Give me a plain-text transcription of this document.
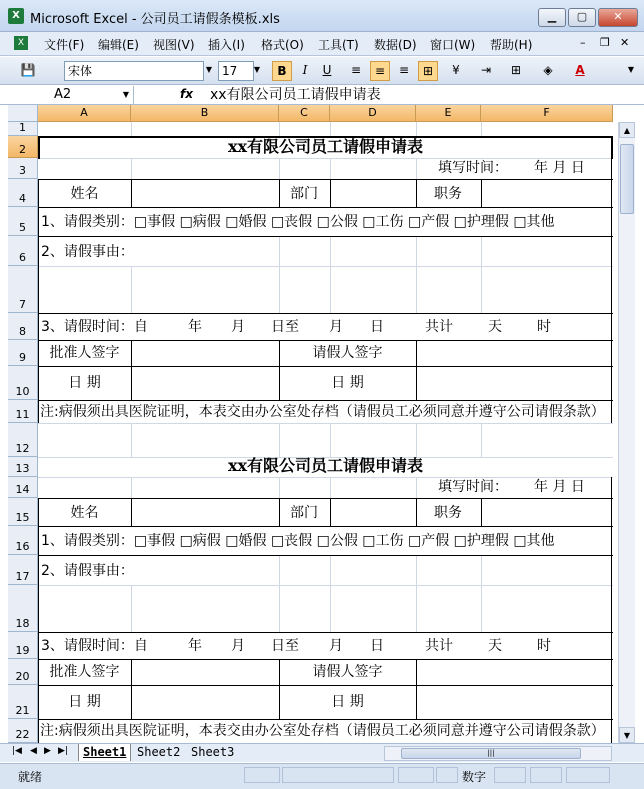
X Microsoft Excel - 公司员工请假条模板.xls	▁	▢	✕
X	文件(F) 编辑(E) 视图(V) 插入(I) 格式(O) 工具(T) 数据(D) 窗口(W) 帮助(H)	– ❐ ✕
💾	宋体	▼ 17	▼	B	I	U	≡	≡	≡	⊞	¥	⇥	⊞	◈	A	▼
A2	▼	fx xx有限公司员工请假申请表
A	B	C	D	E	F
1
2
3
4
5
6
7
8
9
10
11
12
13
14
15
16
17
18
19
20
21
22
xx有限公司员工请假申请表
填写时间： 年 月 日
姓名	部门	职务
1、请假类别：□事假 □病假 □婚假 □丧假 □公假 □工伤 □产假 □护理假 □其他
2、请假事由：
3、请假时间：自	年 月 日至 月 日	共计	天	时
批准人签字	请假人签字
日 期	日 期
注:病假须出具医院证明，本表交由办公室处存档（请假员工必须同意并遵守公司请假条款）
xx有限公司员工请假申请表
填写时间： 年 月 日
姓名	部门	职务
1、请假类别：□事假 □病假 □婚假 □丧假 □公假 □工伤 □产假 □护理假 □其他
2、请假事由：
3、请假时间：自	年 月 日至 月 日	共计	天	时
批准人签字	请假人签字
日 期	日 期
注:病假须出具医院证明，本表交由办公室处存档（请假员工必须同意并遵守公司请假条款）
▲
▼
|◀ ◀ ▶ ▶|	Sheet1 Sheet2 Sheet3	|||
就绪	数字
